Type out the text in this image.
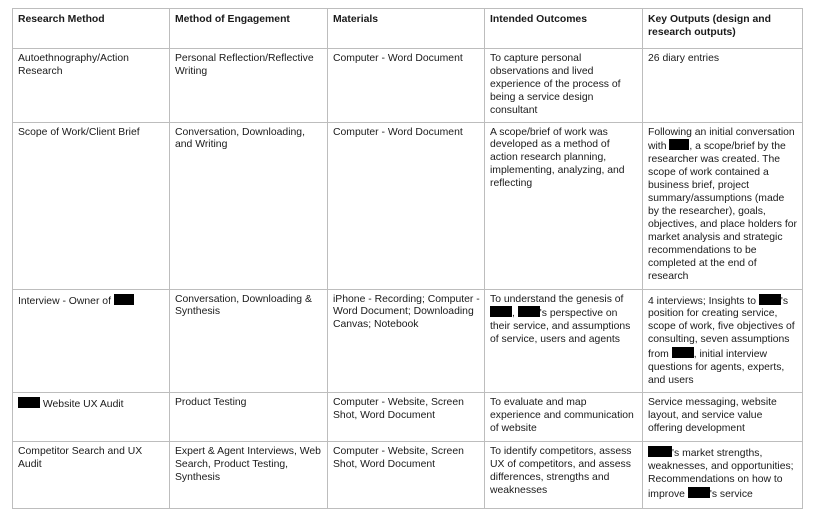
Research Method	Method of Engagement	Materials	Intended Outcomes	Key Outputs (design and research outputs)
Autoethnography/Action Research	Personal Reflection/Reflective Writing	Computer - Word Document	To capture personal observations and lived experience of the process of being a service design consultant	26 diary entries
Scope of Work/Client Brief	Conversation, Downloading, and Writing	Computer - Word Document	A scope/brief of work was developed as a method of action research planning, implementing, analyzing, and reflecting	Following an initial conversation with , a scope/brief by the researcher was created. The scope of work contained a business brief, project summary/assumptions (made by the researcher), goals, objectives, and place holders for market analysis and strategic recommendations to be completed at the end of research
Interview - Owner of	Conversation, Downloading & Synthesis	iPhone - Recording; Computer - Word Document; Downloading Canvas; Notebook	To understand the genesis of , 's perspective on their service, and assumptions of service, users and agents	4 interviews; Insights to 's position for creating service, scope of work, five objectives of consulting, seven assumptions from , initial interview questions for agents, experts, and users
Website UX Audit	Product Testing	Computer - Website, Screen Shot, Word Document	To evaluate and map experience and communication of website	Service messaging, website layout, and service value offering development
Competitor Search and UX Audit	Expert & Agent Interviews, Web Search, Product Testing, Synthesis	Computer - Website, Screen Shot, Word Document	To identify competitors, assess UX of competitors, and assess differences, strengths and weaknesses	's market strengths, weaknesses, and opportunities; Recommendations on how to improve 's service
